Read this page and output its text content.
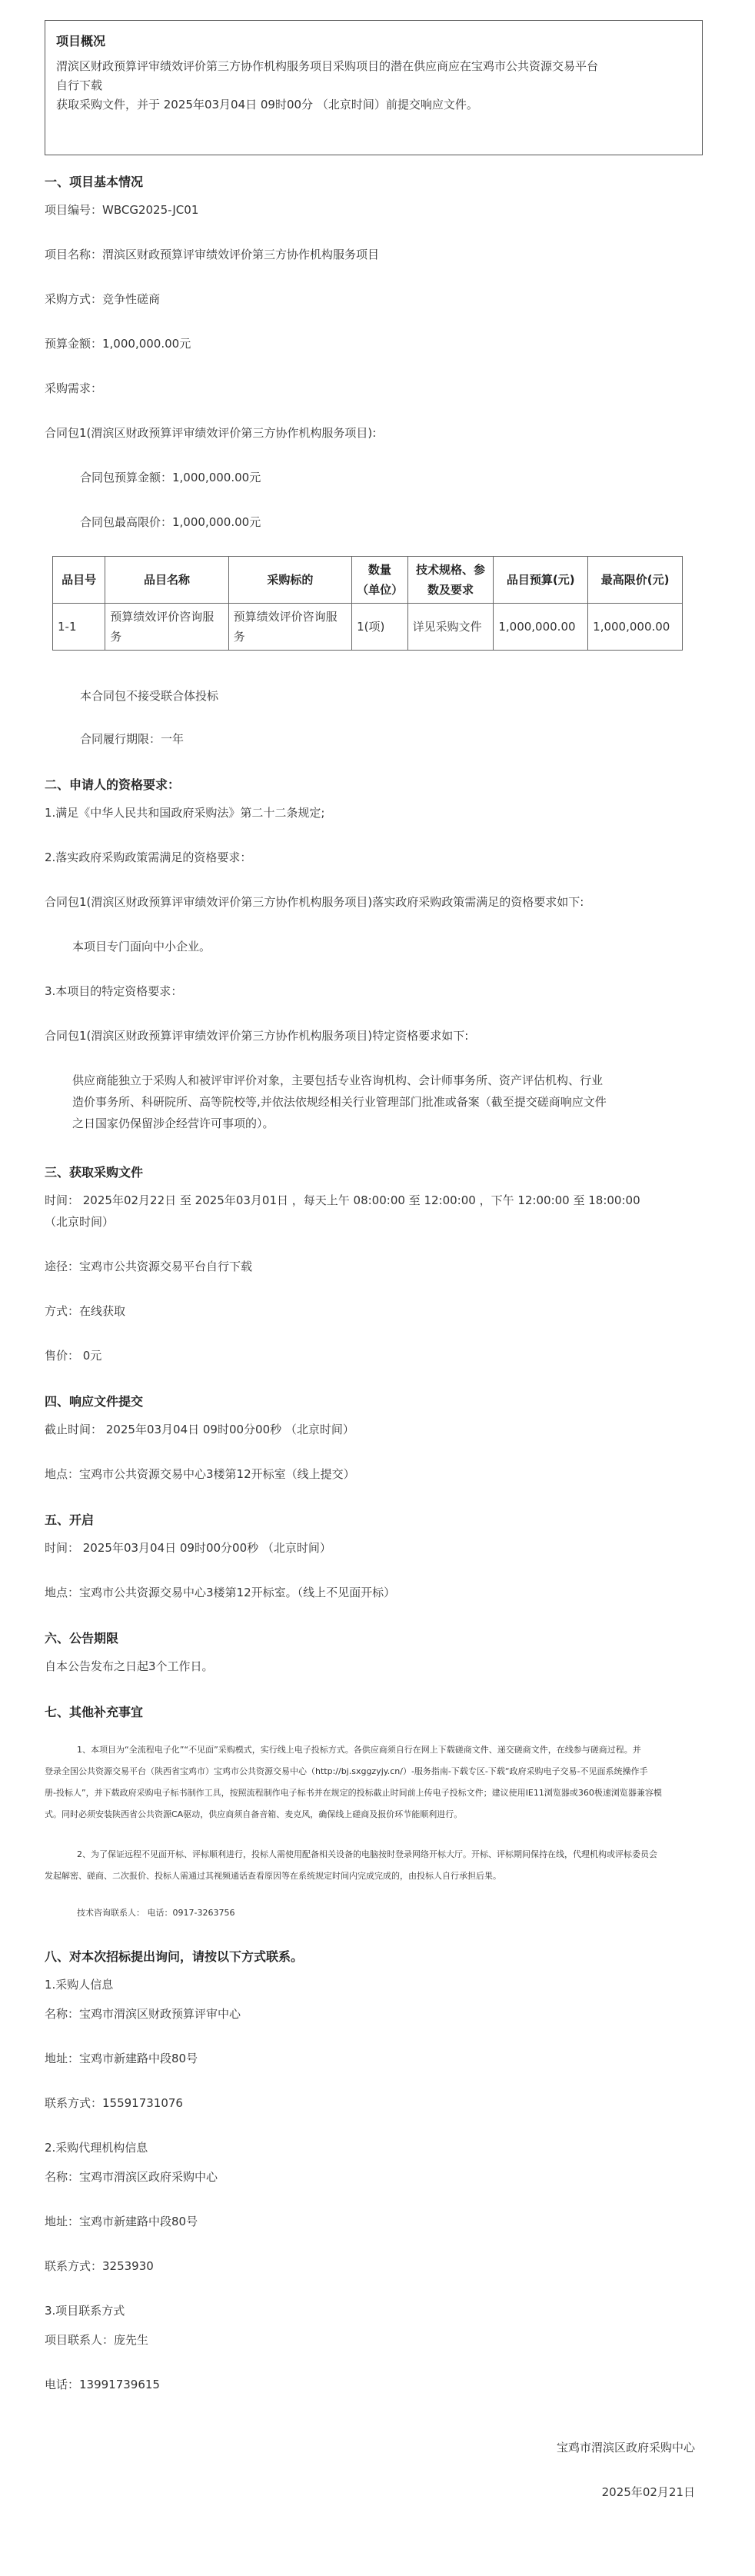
项目概况
渭滨区财政预算评审绩效评价第三方协作机构服务项目采购项目的潜在供应商应在宝鸡市公共资源交易平台
自行下载
获取采购文件，并于 2025年03月04日 09时00分 （北京时间）前提交响应文件。
一、项目基本情况
项目编号：WBCG2025-JC01
项目名称：渭滨区财政预算评审绩效评价第三方协作机构服务项目
采购方式：竞争性磋商
预算金额：1,000,000.00元
采购需求：
合同包1(渭滨区财政预算评审绩效评价第三方协作机构服务项目):
合同包预算金额：1,000,000.00元
合同包最高限价：1,000,000.00元
品目号	品目名称	采购标的	数量（单位）	技术规格、参数及要求	品目预算(元)	最高限价(元)
1-1	预算绩效评价咨询服务	预算绩效评价咨询服务	1(项)	详见采购文件	1,000,000.00	1,000,000.00
本合同包不接受联合体投标
合同履行期限：一年
二、申请人的资格要求：
1.满足《中华人民共和国政府采购法》第二十二条规定;
2.落实政府采购政策需满足的资格要求：
合同包1(渭滨区财政预算评审绩效评价第三方协作机构服务项目)落实政府采购政策需满足的资格要求如下:
本项目专门面向中小企业。
3.本项目的特定资格要求：
合同包1(渭滨区财政预算评审绩效评价第三方协作机构服务项目)特定资格要求如下:
供应商能独立于采购人和被评审评价对象，主要包括专业咨询机构、会计师事务所、资产评估机构、行业
造价事务所、科研院所、高等院校等,并依法依规经相关行业管理部门批准或备案（截至提交磋商响应文件
之日国家仍保留涉企经营许可事项的）。
三、获取采购文件
时间： 2025年02月22日 至 2025年03月01日 ，每天上午 08:00:00 至 12:00:00 ，下午 12:00:00 至 18:00:00
（北京时间）
途径：宝鸡市公共资源交易平台自行下载
方式：在线获取
售价： 0元
四、响应文件提交
截止时间： 2025年03月04日 09时00分00秒 （北京时间）
地点：宝鸡市公共资源交易中心3楼第12开标室（线上提交）
五、开启
时间： 2025年03月04日 09时00分00秒 （北京时间）
地点：宝鸡市公共资源交易中心3楼第12开标室。（线上不见面开标）
六、公告期限
自本公告发布之日起3个工作日。
七、其他补充事宜
1、本项目为“全流程电子化”“不见面”采购模式，实行线上电子投标方式。各供应商须自行在网上下载磋商文件、递交磋商文件，在线参与磋商过程。并
登录全国公共资源交易平台（陕西省宝鸡市）宝鸡市公共资源交易中心（http://bj.sxggzyjy.cn/）-服务指南-下载专区-下载“政府采购电子交易-不见面系统操作手
册-投标人”，并下载政府采购电子标书制作工具，按照流程制作电子标书并在规定的投标截止时间前上传电子投标文件；建议使用IE11浏览器或360极速浏览器兼容模
式。同时必须安装陕西省公共资源CA驱动，供应商须自备音箱、麦克风，确保线上磋商及报价环节能顺利进行。
2、为了保证远程不见面开标、评标顺利进行，投标人需使用配备相关设备的电脑按时登录网络开标大厅。开标、评标期间保持在线，代理机构或评标委员会
发起解密、磋商、二次报价、投标人需通过其视频通话查看原因等在系统规定时间内完成完成的，由投标人自行承担后果。
技术咨询联系人： 电话：0917-3263756
八、对本次招标提出询问，请按以下方式联系。
1.采购人信息
名称：宝鸡市渭滨区财政预算评审中心
地址：宝鸡市新建路中段80号
联系方式：15591731076
2.采购代理机构信息
名称：宝鸡市渭滨区政府采购中心
地址：宝鸡市新建路中段80号
联系方式：3253930
3.项目联系方式
项目联系人：庞先生
电话：13991739615
宝鸡市渭滨区政府采购中心
2025年02月21日
